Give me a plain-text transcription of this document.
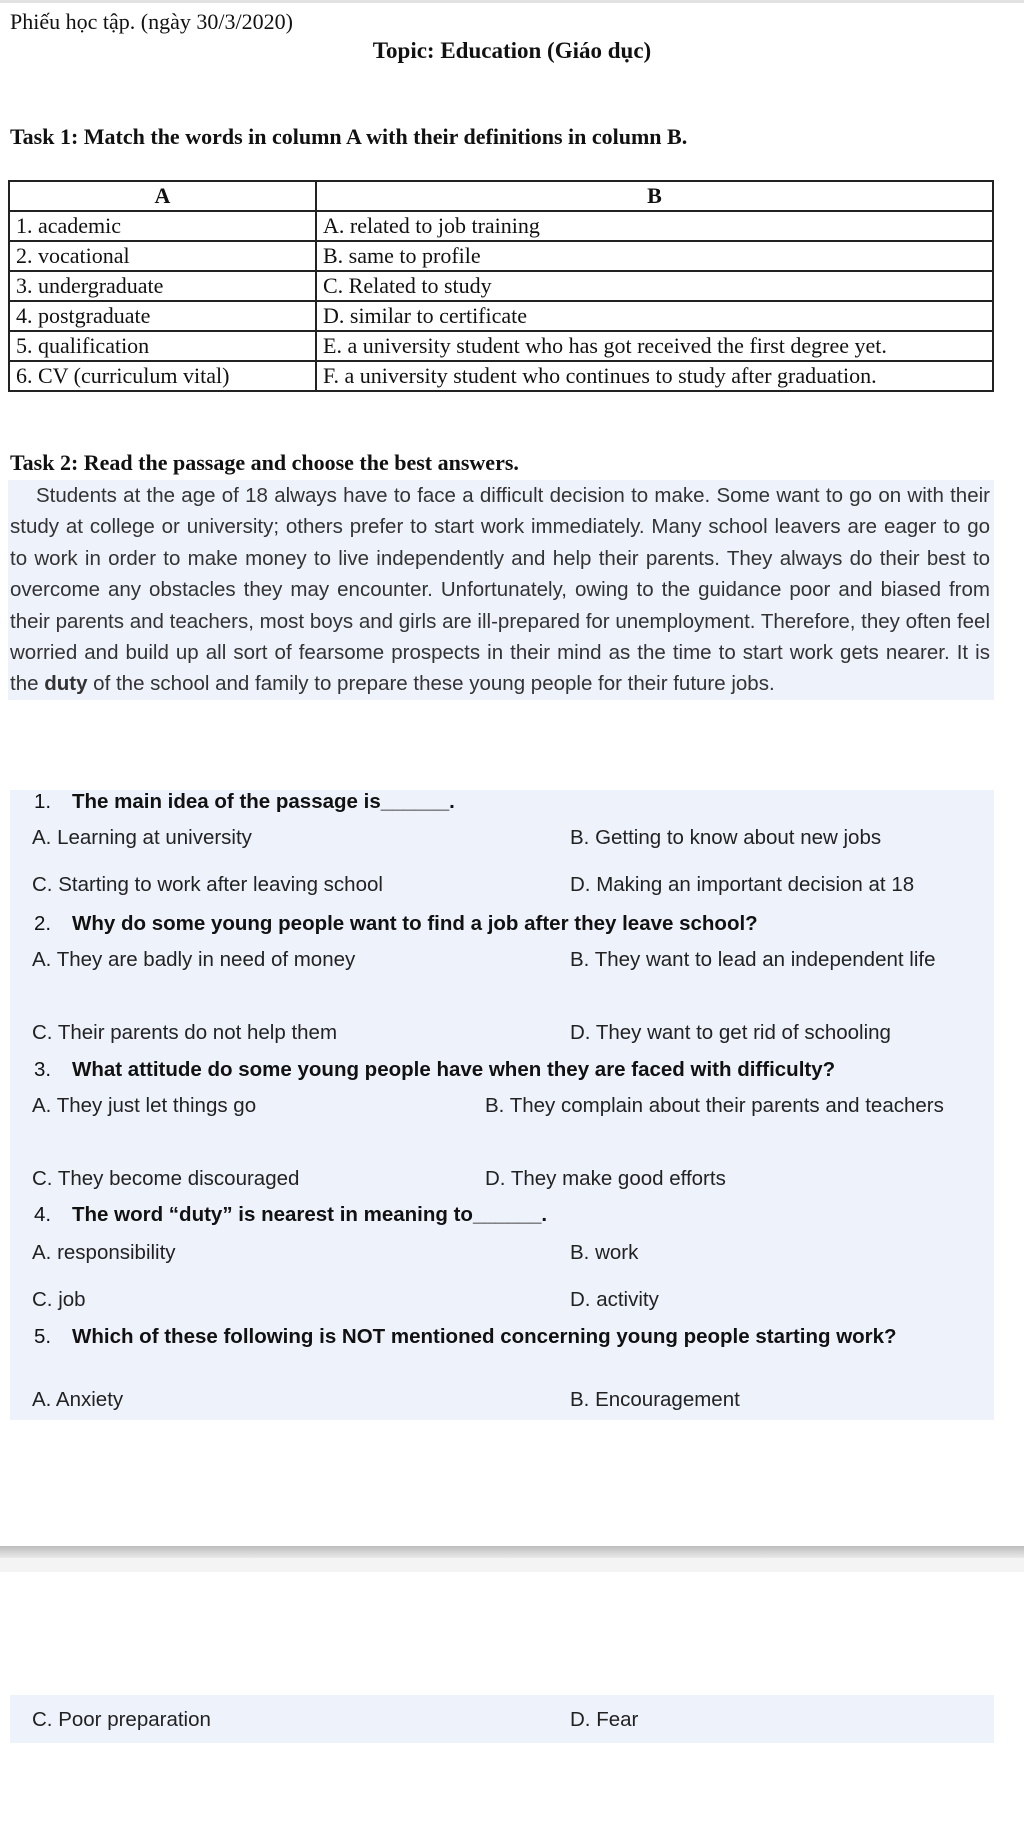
Phiếu học tập. (ngày 30/3/2020)
Topic: Education (Giáo dục)
Task 1: Match the words in column A with their definitions in column B.
A	B
1. academic	A. related to job training
2. vocational	B. same to profile
3. undergraduate	C. Related to study
4. postgraduate	D. similar to certificate
5. qualification	E. a university student who has got received the first degree yet.
6. CV (curriculum vital)	F. a university student who continues to study after graduation.
Task 2: Read the passage and choose the best answers.
Students at the age of 18 always have to face a difficult decision to make. Some want to go on with their study at college or university; others prefer to start work immediately. Many school leavers are eager to go to work in order to make money to live independently and help their parents. They always do their best to overcome any obstacles they may encounter. Unfortunately, owing to the guidance poor and biased from their parents and teachers, most boys and girls are ill-prepared for unemployment. Therefore, they often feel worried and build up all sort of fearsome prospects in their mind as the time to start work gets nearer. It is the duty of the school and family to prepare these young people for their future jobs.
1. The main idea of the passage is______.
A. Learning at university	B. Getting to know about new jobs
C. Starting to work after leaving school	D. Making an important decision at 18
2. Why do some young people want to find a job after they leave school?
A. They are badly in need of money	B. They want to lead an independent life
C. Their parents do not help them	D. They want to get rid of schooling
3. What attitude do some young people have when they are faced with difficulty?
A. They just let things go	B. They complain about their parents and teachers
C. They become discouraged	D. They make good efforts
4. The word “duty” is nearest in meaning to______.
A. responsibility	B. work
C. job	D. activity
5. Which of these following is NOT mentioned concerning young people starting work?
A. Anxiety	B. Encouragement
C. Poor preparation	D. Fear
